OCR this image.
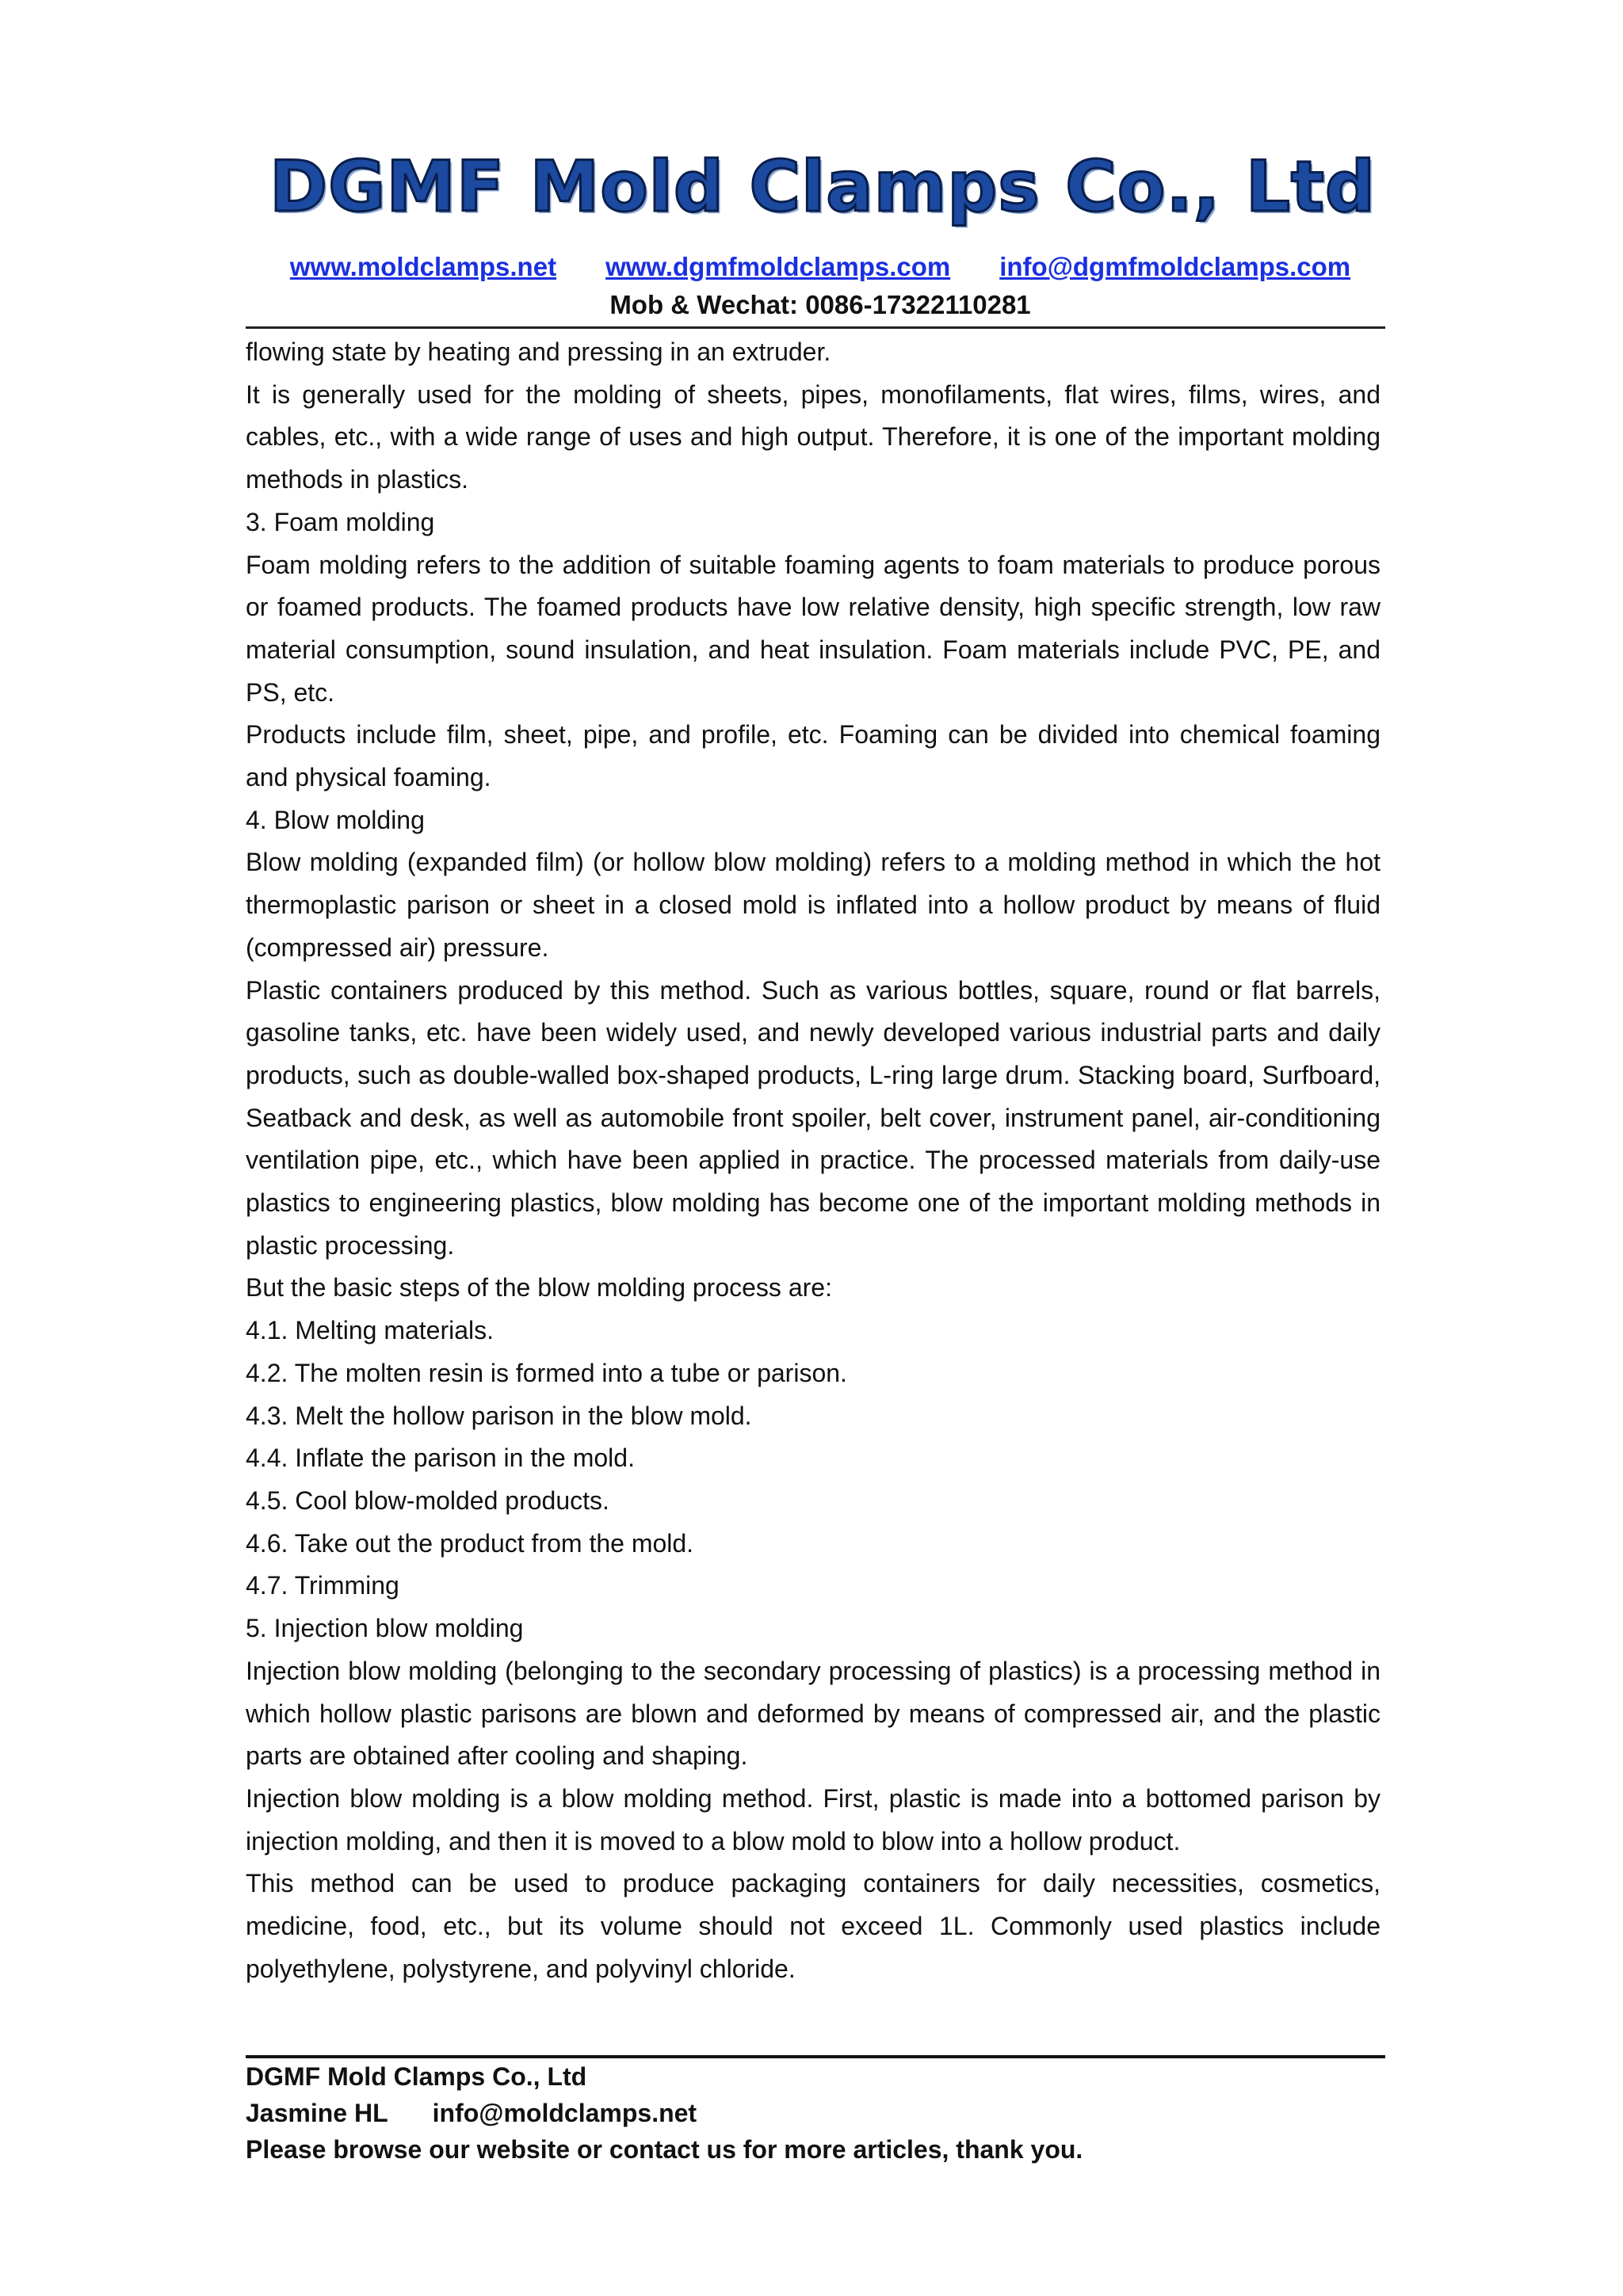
DGMF Mold Clamps Co., Ltd
www.moldclamps.net www.dgmfmoldclamps.com info@dgmfmoldclamps.com
Mob & Wechat: 0086-17322110281

flowing state by heating and pressing in an extruder.

It is generally used for the molding of sheets, pipes, monofilaments, flat wires, films, wires, and cables, etc., with a wide range of uses and high output. Therefore, it is one of the important molding methods in plastics.

3. Foam molding

Foam molding refers to the addition of suitable foaming agents to foam materials to produce porous or foamed products. The foamed products have low relative density, high specific strength, low raw material consumption, sound insulation, and heat insulation. Foam materials include PVC, PE, and PS, etc.

Products include film, sheet, pipe, and profile, etc. Foaming can be divided into chemical foaming and physical foaming.

4. Blow molding

Blow molding (expanded film) (or hollow blow molding) refers to a molding method in which the hot thermoplastic parison or sheet in a closed mold is inflated into a hollow product by means of fluid (compressed air) pressure.

Plastic containers produced by this method. Such as various bottles, square, round or flat barrels, gasoline tanks, etc. have been widely used, and newly developed various industrial parts and daily products, such as double-walled box-shaped products, L-ring large drum. Stacking board, Surfboard, Seatback and desk, as well as automobile front spoiler, belt cover, instrument panel, air-conditioning ventilation pipe, etc., which have been applied in practice. The processed materials from daily-use plastics to engineering plastics, blow molding has become one of the important molding methods in plastic processing.

But the basic steps of the blow molding process are:

4.1. Melting materials.

4.2. The molten resin is formed into a tube or parison.

4.3. Melt the hollow parison in the blow mold.

4.4. Inflate the parison in the mold.

4.5. Cool blow-molded products.

4.6. Take out the product from the mold.

4.7. Trimming

5. Injection blow molding

Injection blow molding (belonging to the secondary processing of plastics) is a processing method in which hollow plastic parisons are blown and deformed by means of compressed air, and the plastic parts are obtained after cooling and shaping.

Injection blow molding is a blow molding method. First, plastic is made into a bottomed parison by injection molding, and then it is moved to a blow mold to blow into a hollow product.

This method can be used to produce packaging containers for daily necessities, cosmetics, medicine, food, etc., but its volume should not exceed 1L. Commonly used plastics include polyethylene, polystyrene, and polyvinyl chloride.

DGMF Mold Clamps Co., Ltd
Jasmine HL info@moldclamps.net
Please browse our website or contact us for more articles, thank you.
